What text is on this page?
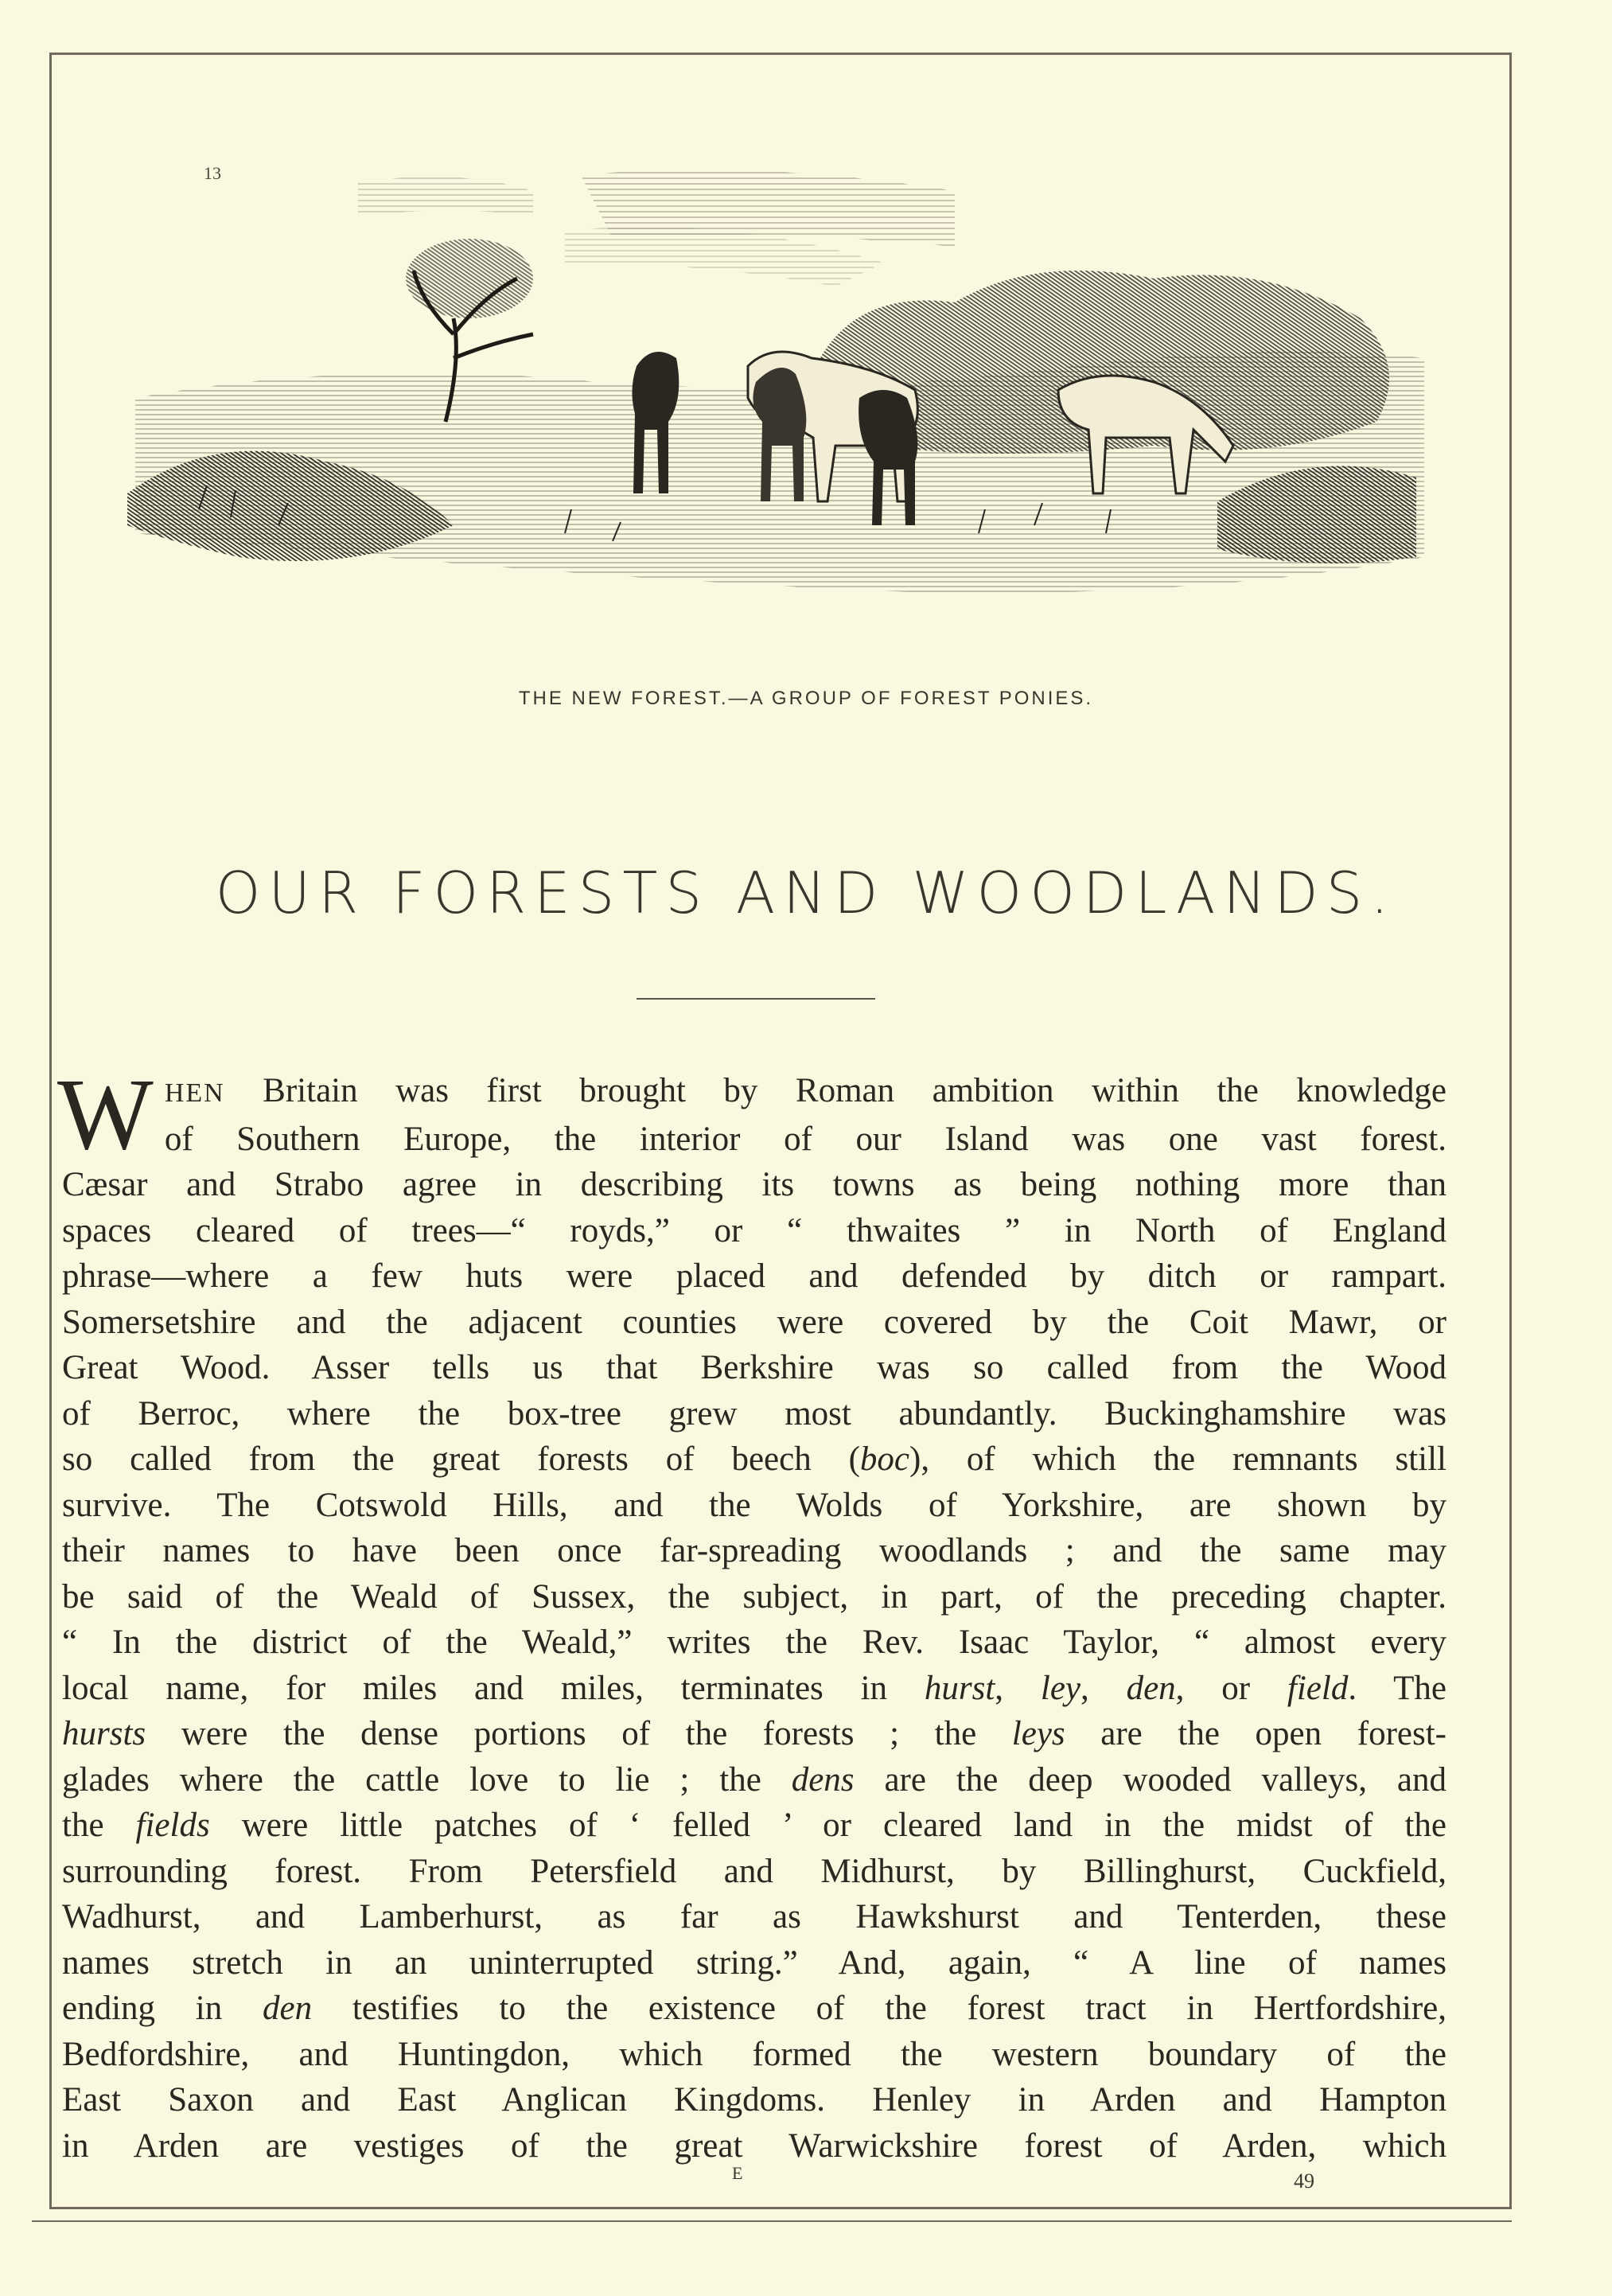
13
THE NEW FOREST.—A GROUP OF FOREST PONIES.
OUR FORESTS AND WOODLANDS.
W HEN Britain was first brought by Roman ambition within the knowledge
of Southern Europe, the interior of our Island was one vast forest.
Cæsar and Strabo agree in describing its towns as being nothing more than
spaces cleared of trees—“ royds,” or “ thwaites ” in North of England
phrase—where a few huts were placed and defended by ditch or rampart.
Somersetshire and the adjacent counties were covered by the Coit Mawr, or
Great Wood. Asser tells us that Berkshire was so called from the Wood
of Berroc, where the box-tree grew most abundantly. Buckinghamshire was
so called from the great forests of beech (boc), of which the remnants still
survive. The Cotswold Hills, and the Wolds of Yorkshire, are shown by
their names to have been once far-spreading woodlands ; and the same may
be said of the Weald of Sussex, the subject, in part, of the preceding chapter.
“ In the district of the Weald,” writes the Rev. Isaac Taylor, “ almost every
local name, for miles and miles, terminates in hurst, ley, den, or field. The
hursts were the dense portions of the forests ; the leys are the open forest-
glades where the cattle love to lie ; the dens are the deep wooded valleys, and
the fields were little patches of ‘ felled ’ or cleared land in the midst of the
surrounding forest. From Petersfield and Midhurst, by Billinghurst, Cuckfield,
Wadhurst, and Lamberhurst, as far as Hawkshurst and Tenterden, these
names stretch in an uninterrupted string.” And, again, “ A line of names
ending in den testifies to the existence of the forest tract in Hertfordshire,
Bedfordshire, and Huntingdon, which formed the western boundary of the
East Saxon and East Anglican Kingdoms. Henley in Arden and Hampton
in Arden are vestiges of the great Warwickshire forest of Arden, which
E	49
